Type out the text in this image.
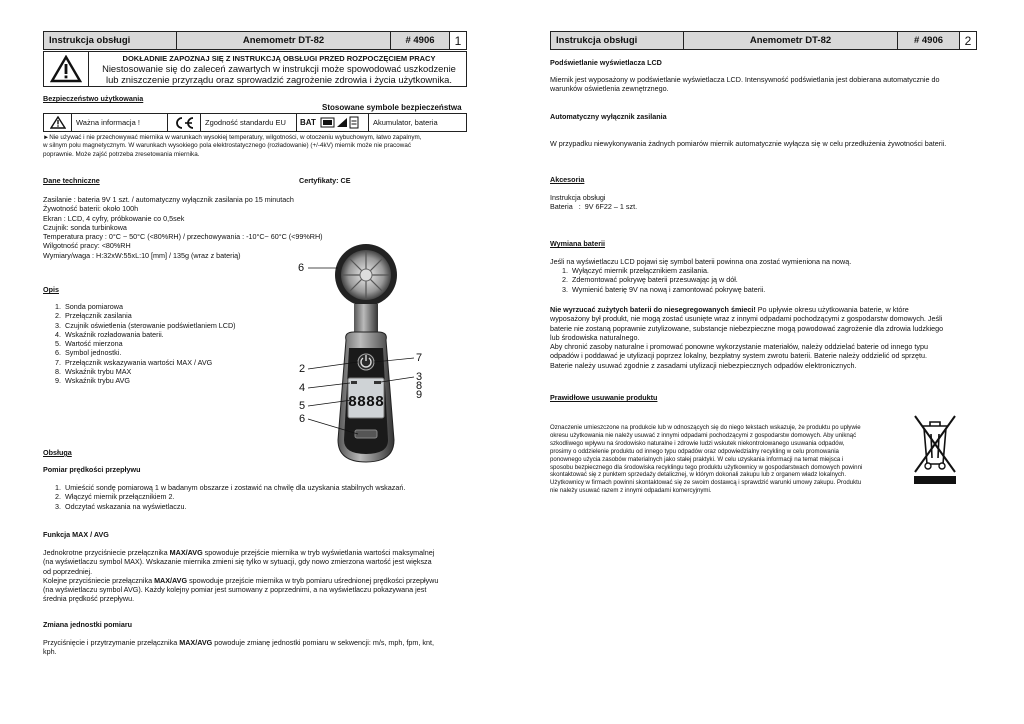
Instrukcja obsługi	Anemometr DT-82	# 4906	1
DOKŁADNIE ZAPOZNAJ SIĘ Z INSTRUKCJĄ OBSŁUGI PRZED ROZPOCZĘCIEM PRACY
Niestosowanie się do zaleceń zawartych w instrukcji może spowodować uszkodzenie
lub zniszczenie przyrządu oraz sprowadzić zagrożenie zdrowia i życia użytkownika.
Bezpieczeństwo użytkowania
Stosowane symbole bezpieczeństwa
Ważna informacja !	Zgodność standardu EU	BAT	Akumulator, bateria
►Nie używać i nie przechowywać miernika w warunkach wysokiej temperatury, wilgotności, w otoczeniu wybuchowym, łatwo zapalnym,
w silnym polu magnetycznym. W warunkach wysokiego pola elektrostatycznego (rozładowanie) (+/-4kV) miernik może nie pracować
poprawnie. Może zajść potrzeba zresetowania miernika.
Dane techniczne	Certyfikaty: CE
Zasilanie : bateria 9V 1 szt. / automatyczny wyłącznik zasilania po 15 minutach
Żywotność baterii: około 100h
Ekran : LCD, 4 cyfry, próbkowanie co 0,5sek
Czujnik: sonda turbinkowa
Temperatura pracy : 0°C ~ 50°C (<80%RH) / przechowywania : -10°C~ 60°C (<99%RH)
Wilgotność pracy: <80%RH
Wymiary/waga : H:32xW:55xL:10 [mm] / 135g (wraz z baterią)
Opis
1. Sonda pomiarowa
2. Przełącznik zasilania
3. Czujnik oświetlenia (sterowanie podświetlaniem LCD)
4. Wskaźnik rozładowania baterii.
5. Wartość mierzona
6. Symbol jednostki.
7. Przełącznik wskazywania wartości MAX / AVG
8. Wskaźnik trybu MAX
9. Wskaźnik trybu AVG
8888
6
7
2
3
8
4
9
5
6
Obsługa
Pomiar prędkości przepływu
1. Umieścić sondę pomiarową 1 w badanym obszarze i zostawić na chwilę dla uzyskania stabilnych wskazań.
2. Włączyć miernik przełącznikiem 2.
3. Odczytać wskazania na wyświetlaczu.
Funkcja MAX / AVG
Jednokrotne przyciśniecie przełącznika MAX/AVG spowoduje przejście miernika w tryb wyświetlania wartości maksymalnej
(na wyświetlaczu symbol MAX). Wskazanie miernika zmieni się tylko w sytuacji, gdy nowo zmierzona wartość jest większa
od poprzedniej.
Kolejne przyciśniecie przełącznika MAX/AVG spowoduje przejście miernika w tryb pomiaru uśrednionej prędkości przepływu
(na wyświetlaczu symbol AVG). Każdy kolejny pomiar jest sumowany z poprzednimi, a na wyświetlaczu pokazywana jest
średnia prędkość przepływu.
Zmiana jednostki pomiaru
Przyciśnięcie i przytrzymanie przełącznika MAX/AVG powoduje zmianę jednostki pomiaru w sekwencji: m/s, mph, fpm, knt,
kph.
Instrukcja obsługi	Anemometr DT-82	# 4906	2
Podświetlanie wyświetlacza LCD
Miernik jest wyposażony w podświetlanie wyświetlacza LCD. Intensywność podświetlania jest dobierana automatycznie do
warunków oświetlenia zewnętrznego.
Automatyczny wyłącznik zasilania
W przypadku niewykonywania żadnych pomiarów miernik automatycznie wyłącza się w celu przedłużenia żywotności baterii.
Akcesoria
Instrukcja obsługi
Bateria   :  9V 6F22 – 1 szt.
Wymiana baterii
Jeśli na wyświetlaczu LCD pojawi się symbol baterii powinna ona zostać wymieniona na nową.
1. Wyłączyć miernik przełącznikiem zasilania.
2. Zdemontować pokrywę baterii przesuwając ją w dół.
3. Wymienić baterię 9V na nową i zamontować pokrywę baterii.
Nie wyrzucać zużytych baterii do niesegregowanych śmieci! Po upływie okresu użytkowania baterie, w które
wyposażony był produkt, nie mogą zostać usunięte wraz z innymi odpadami pochodzącymi z gospodarstw domowych. Jeśli
baterie nie zostaną poprawnie zutylizowane, substancje niebezpieczne mogą powodować zagrożenie dla zdrowia ludzkiego
lub środowiska naturalnego.
Aby chronić zasoby naturalne i promować ponowne wykorzystanie materiałów, należy oddzielać baterie od innego typu
odpadów i poddawać je utylizacji poprzez lokalny, bezpłatny system zwrotu baterii. Baterie należy oddzielić od sprzętu.
Baterie należy usuwać zgodnie z zasadami utylizacji niebezpiecznych odpadów elektronicznych.
Prawidłowe usuwanie produktu
Oznaczenie umieszczone na produkcie lub w odnoszących się do niego tekstach wskazuje, że produktu po upływie
okresu użytkowania nie należy usuwać z innymi odpadami pochodzącymi z gospodarstw domowych. Aby uniknąć
szkodliwego wpływu na środowisko naturalne i zdrowie ludzi wskutek niekontrolowanego usuwania odpadów,
prosimy o oddzielenie produktu od innego typu odpadów oraz odpowiedzialny recykling w celu promowania
ponownego użycia zasobów materialnych jako stałej praktyki. W celu uzyskania informacji na temat miejsca i
sposobu bezpiecznego dla środowiska recyklingu tego produktu użytkownicy w gospodarstwach domowych powinni
skontaktować się z punktem sprzedaży detalicznej, w którym dokonali zakupu lub z organem władz lokalnych.
Użytkownicy w firmach powinni skontaktować się ze swoim dostawcą i sprawdzić warunki umowy zakupu. Produktu
nie należy usuwać razem z innymi odpadami komercyjnymi.
